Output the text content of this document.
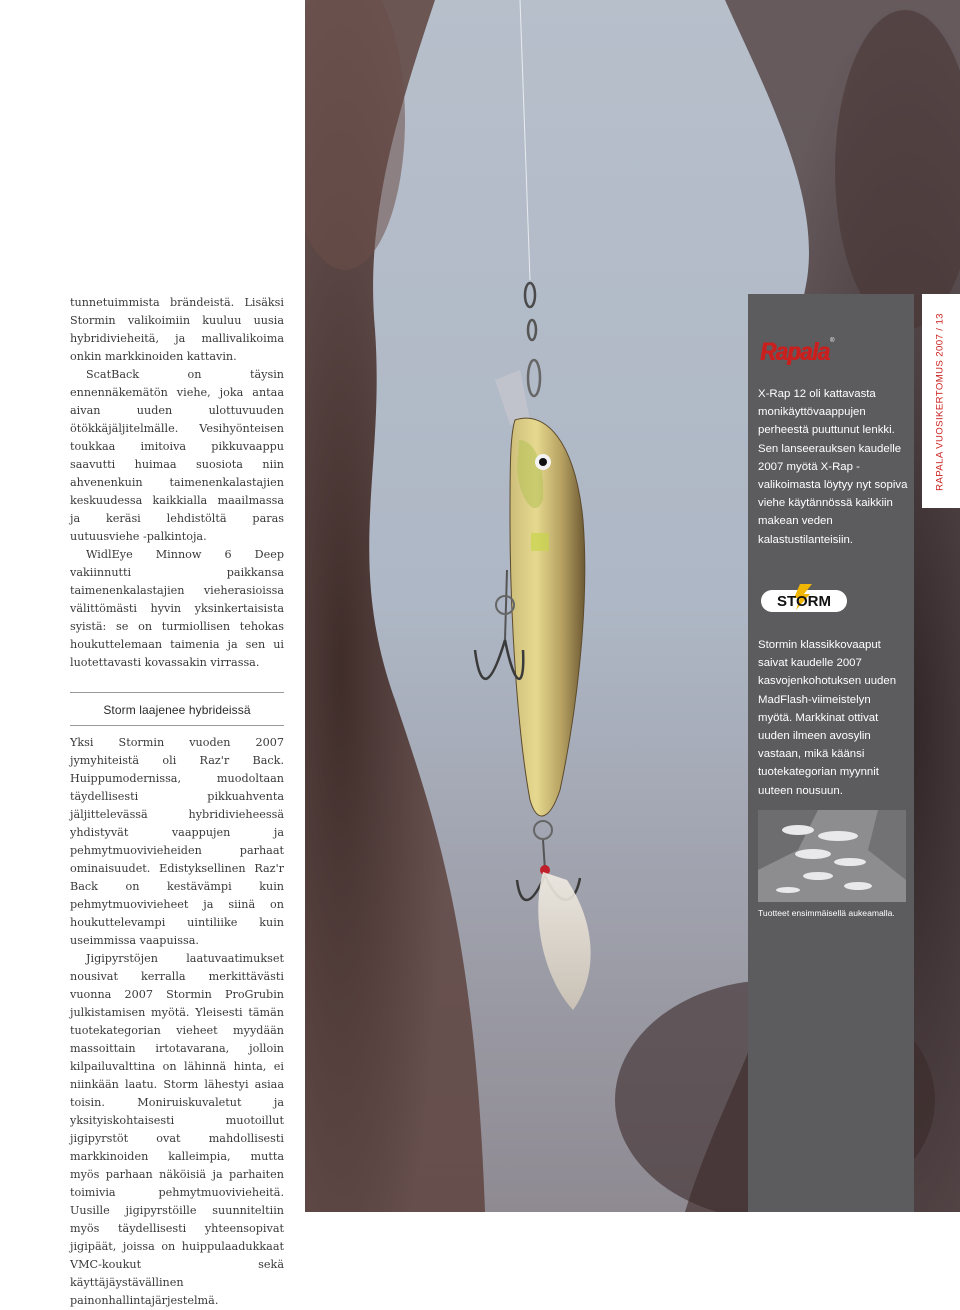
tunnetuimmista brändeistä. Lisäksi Stormin valikoimiin kuuluu uusia hybridivieheitä, ja mallivalikoima onkin markkinoiden kattavin.

ScatBack on täysin ennennäkemätön viehe, joka antaa aivan uuden ulottuvuuden ötökkäjäljitelmälle. Vesihyönteisen toukkaa imitoiva pikkuvaappu saavutti huimaa suosiota niin ahvenenkuin taimenenkalastajien keskuudessa kaikkialla maailmassa ja keräsi lehdistöltä paras uutuusviehe -palkintoja.

WidlEye Minnow 6 Deep vakiinnutti paikkansa taimenenkalastajien vieherasioissa välittömästi hyvin yksinkertaisista syistä: se on turmiollisen tehokas houkuttelemaan taimenia ja sen ui luotettavasti kovassakin virrassa.

Storm laajenee hybrideissä

Yksi Stormin vuoden 2007 jymyhiteistä oli Raz'r Back. Huippumodernissa, muodoltaan täydellisesti pikkuahventa jäljittelevässä hybridivieheessä yhdistyvät vaappujen ja pehmytmuovivieheiden parhaat ominaisuudet. Edistyksellinen Raz'r Back on kestävämpi kuin pehmytmuovivieheet ja siinä on houkuttelevampi uintiliike kuin useimmissa vaapuissa.

Jigipyrstöjen laatuvaatimukset nousivat kerralla merkittävästi vuonna 2007 Stormin ProGrubin julkistamisen myötä. Yleisesti tämän tuotekategorian vieheet myydään massoittain irtotavarana, jolloin kilpailuvalttina on lähinnä hinta, ei niinkään laatu. Storm lähestyi asiaa toisin. Moniruiskuvaletut ja yksityiskohtaisesti muotoillut jigipyrstöt ovat mahdollisesti markkinoiden kalleimpia, mutta myös parhaan näköisiä ja parhaiten toimivia pehmytmuovivieheitä. Uusille jigipyrstöille suunniteltiin myös täydellisesti yhteensopivat jigipäät, joissa on huippulaadukkaat VMC-koukut sekä käyttäjäystävällinen painonhallintajärjestelmä.

Rapala®
X-Rap 12 oli kattavasta monikäyttövaappujen perheestä puuttunut lenkki. Sen lanseerauksen kaudelle 2007 myötä X-Rap -valikoimasta löytyy nyt sopiva viehe käytännössä kaikkiin makean veden kalastustilanteisiin.
STORM
Stormin klassikkovaaput saivat kaudelle 2007 kasvojenkohotuksen uuden MadFlash-viimeistelyn myötä. Markkinat ottivat uuden ilmeen avosylin vastaan, mikä käänsi tuotekategorian myynnit uuteen nousuun.
Tuotteet ensimmäisellä aukeamalla.
RAPALA VUOSIKERTOMUS 2007 / 13
